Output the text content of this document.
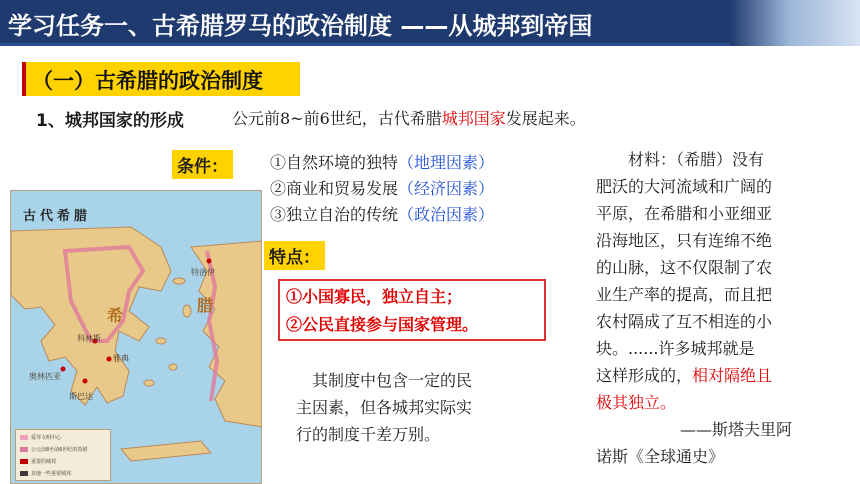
学习任务一、古希腊罗马的政治制度 ——从城邦到帝国
（一）古希腊的政治制度
1、城邦国家的形成	公元前8~前6世纪，古代希腊城邦国家发展起来。
条件：	①自然环境的独特（地理因素）
②商业和贸易发展（经济因素）
③独立自治的传统（政治因素）
特点：
①小国寡民，独立自主；
②公民直接参与国家管理。
其制度中包含一定的民
主因素，但各城邦实际实
行的制度千差万别。
材料：（希腊）没有
肥沃的大河流域和广阔的
平原，在希腊和小亚细亚
沿海地区，只有连绵不绝
的山脉，这不仅限制了农
业生产率的提高，而且把
农村隔成了互不相连的小
块。......许多城邦就是
这样形成的，相对隔绝且
极其独立。
——斯塔夫里阿
诺斯《全球通史》
古代希腊
希
腊
奥林匹亚
斯巴达
雅典
科林斯
特洛伊
爱琴文明中心
公元前8至前6世纪的希腊
重要的城邦
其他一些重要城邦
